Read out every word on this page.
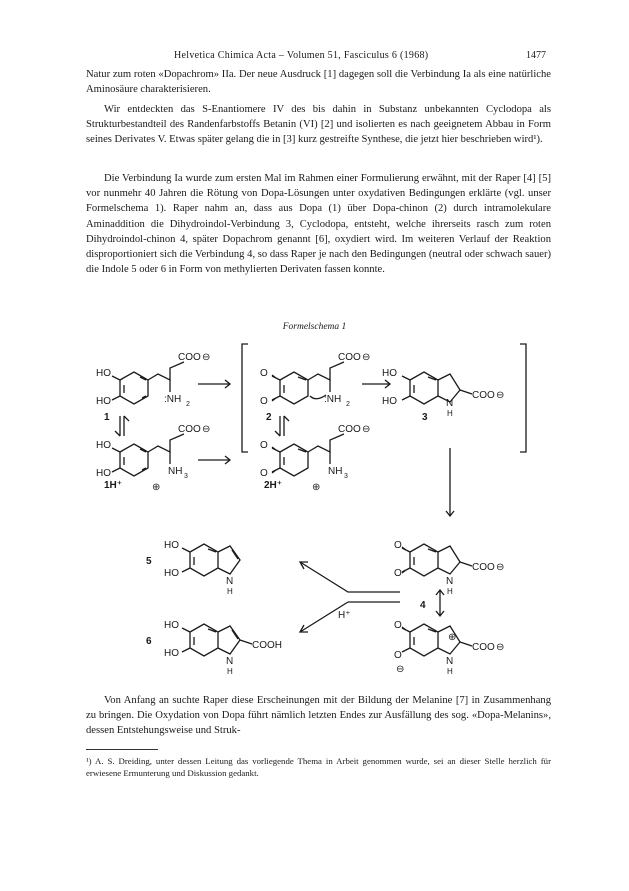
Helvetica Chimica Acta – Volumen 51, Fasciculus 6 (1968)	1477
Natur zum roten «Dopachrom» IIa. Der neue Ausdruck [1] dagegen soll die Verbindung Ia als eine natürliche Aminosäure charakterisieren.
Wir entdeckten das S-Enantiomere IV des bis dahin in Substanz unbekannten Cyclodopa als Strukturbestandteil des Randenfarbstoffs Betanin (VI) [2] und isolierten es nach geeignetem Abbau in Form seines Derivates V. Etwas später gelang die in [3] kurz gestreifte Synthese, die jetzt hier beschrieben wird¹).
Die Verbindung Ia wurde zum ersten Mal im Rahmen einer Formulierung erwähnt, mit der Raper [4] [5] vor nunmehr 40 Jahren die Rötung von Dopa-Lösungen unter oxydativen Bedingungen erklärte (vgl. unser Formelschema 1). Raper nahm an, dass aus Dopa (1) über Dopa-chinon (2) durch intramolekulare Aminaddition die Dihydroindol-Verbindung 3, Cyclodopa, entsteht, welche ihrerseits rasch zum roten Dihydroindol-chinon 4, später Dopachrom genannt [6], oxydiert wird. Im weiteren Verlauf der Reaktion disproportioniert sich die Verbindung 4, so dass Raper je nach den Bedingungen (neutral oder schwach sauer) die Indole 5 oder 6 in Form von methylierten Derivaten fassen konnte.
Formelschema 1
HO
HO
COO ⊖
:NH 2
1
O
O
COO ⊖
:NH 2
2
HO
HO	N
H
COO ⊖
3
HO
HO
COO ⊖
NH 3
⊕
1H⁺
O
O
COO ⊖
NH 3
⊕
2H⁺
HO
HO
N
H
5
HO
HO
N
H
COOH
6
O
O
N
H
COO ⊖
4
O
O
⊖
⊕
N
H
COO ⊖
H⁺
Von Anfang an suchte Raper diese Erscheinungen mit der Bildung der Melanine [7] in Zusammenhang zu bringen. Die Oxydation von Dopa führt nämlich letzten Endes zur Ausfällung des sog. «Dopa-Melanins», dessen Entstehungsweise und Struk-
¹) A. S. Dreiding, unter dessen Leitung das vorliegende Thema in Arbeit genommen wurde, sei an dieser Stelle herzlich für erwiesene Ermunterung und Diskussion gedankt.
